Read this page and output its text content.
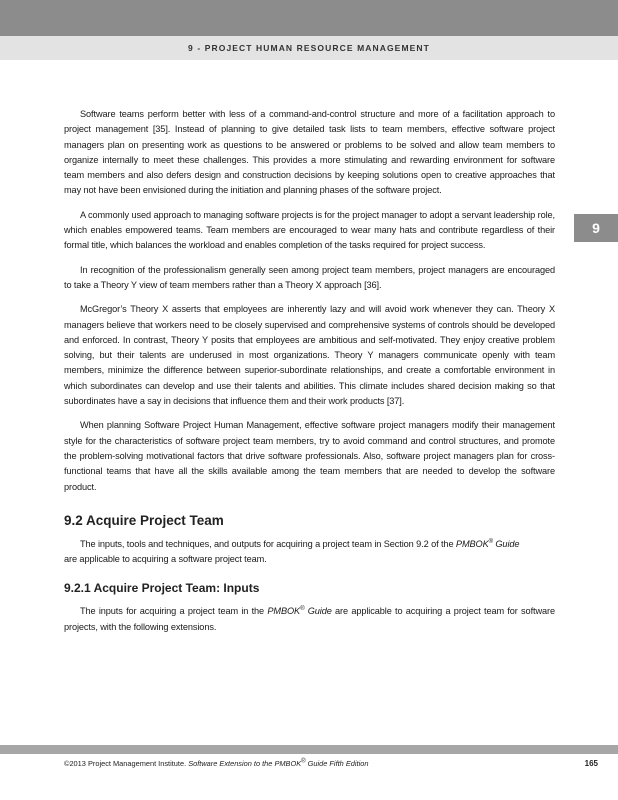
9 - PROJECT HUMAN RESOURCE MANAGEMENT
9

Software teams perform better with less of a command-and-control structure and more of a facilitation approach to project management [35]. Instead of planning to give detailed task lists to team members, effective software project managers plan on presenting work as questions to be answered or problems to be solved and allow team members to organize internally to meet these challenges. This provides a more stimulating and rewarding environment for software team members and also defers design and construction decisions by keeping solutions open to creative approaches that may not have been envisioned during the initiation and planning phases of the software project.

A commonly used approach to managing software projects is for the project manager to adopt a servant leadership role, which enables empowered teams. Team members are encouraged to wear many hats and contribute regardless of their formal title, which balances the workload and enables completion of the tasks required for project success.

In recognition of the professionalism generally seen among project team members, project managers are encouraged to take a Theory Y view of team members rather than a Theory X approach [36].

McGregor’s Theory X asserts that employees are inherently lazy and will avoid work whenever they can. Theory X managers believe that workers need to be closely supervised and comprehensive systems of controls should be developed and enforced. In contrast, Theory Y posits that employees are ambitious and self-motivated. They enjoy creative problem solving, but their talents are underused in most organizations. Theory Y managers communicate openly with team members, minimize the difference between superior-subordinate relationships, and create a comfortable environment in which subordinates can develop and use their talents and abilities. This climate includes shared decision making so that subordinates have a say in decisions that influence them and their work products [37].

When planning Software Project Human Management, effective software project managers modify their management style for the characteristics of software project team members, try to avoid command and control structures, and promote the problem-solving motivational factors that drive software professionals. Also, software project managers plan for cross-functional teams that have all the skills available among the team members that are needed to develop the software product.

9.2 Acquire Project Team

The inputs, tools and techniques, and outputs for acquiring a project team in Section 9.2 of the PMBOK® Guide
are applicable to acquiring a software project team.

9.2.1 Acquire Project Team: Inputs

The inputs for acquiring a project team in the PMBOK® Guide are applicable to acquiring a project team for software projects, with the following extensions.

©2013 Project Management Institute. Software Extension to the PMBOK® Guide Fifth Edition	165
